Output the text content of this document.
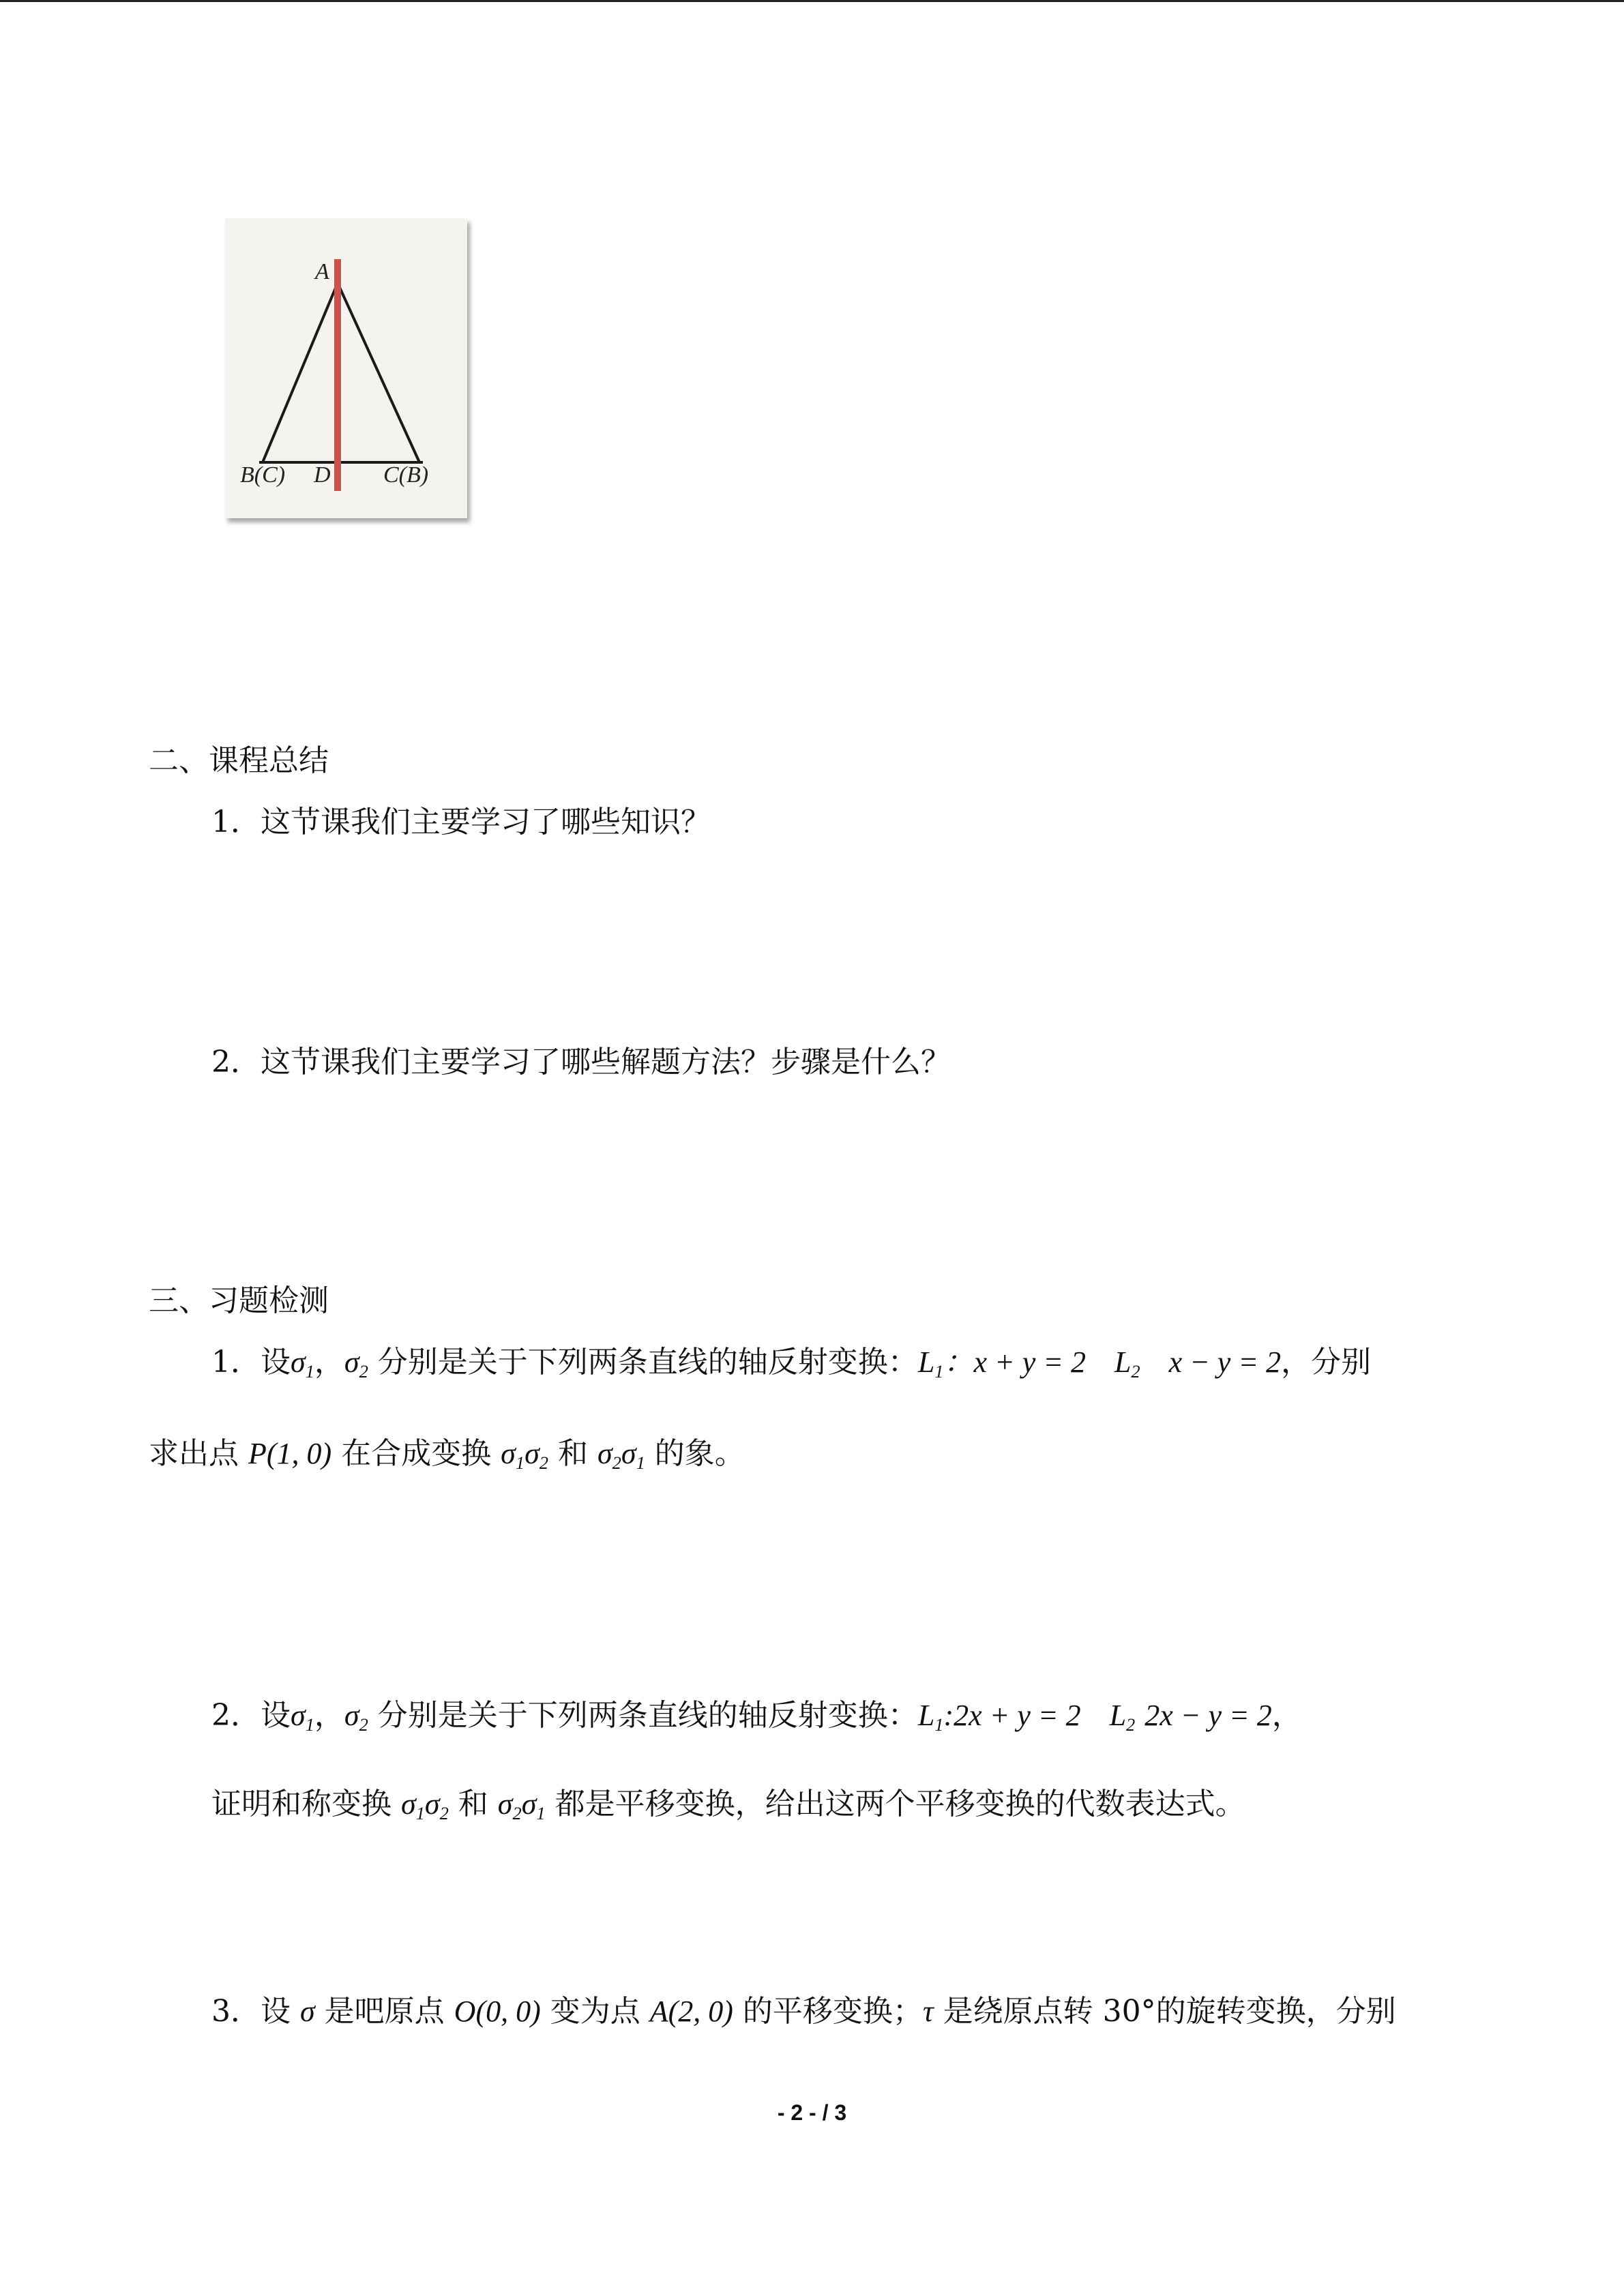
A
B(C) D C(B)
二、课程总结
1．这节课我们主要学习了哪些知识？
2．这节课我们主要学习了哪些解题方法？步骤是什么？
三、习题检测
1．设$\sigma_1$，$\sigma_2$ 分别是关于下列两条直线的轴反射变换：$L_1$：x + y = 2 $L_2$ x − y = 2，分别
求出点 P(1, 0) 在合成变换 $\sigma_1\sigma_2$ 和 $\sigma_2\sigma_1$ 的象。
2．设$\sigma_1$，$\sigma_2$ 分别是关于下列两条直线的轴反射变换：$L_1:2x + y = 2$ $L_2$ 2x − y = 2，
证明和称变换 $\sigma_1\sigma_2$ 和 $\sigma_2\sigma_1$ 都是平移变换，给出这两个平移变换的代数表达式。
3．设 σ 是吧原点 O(0, 0) 变为点 A(2, 0) 的平移变换；τ 是绕原点转 30°的旋转变换，分别
- 2 - / 3
